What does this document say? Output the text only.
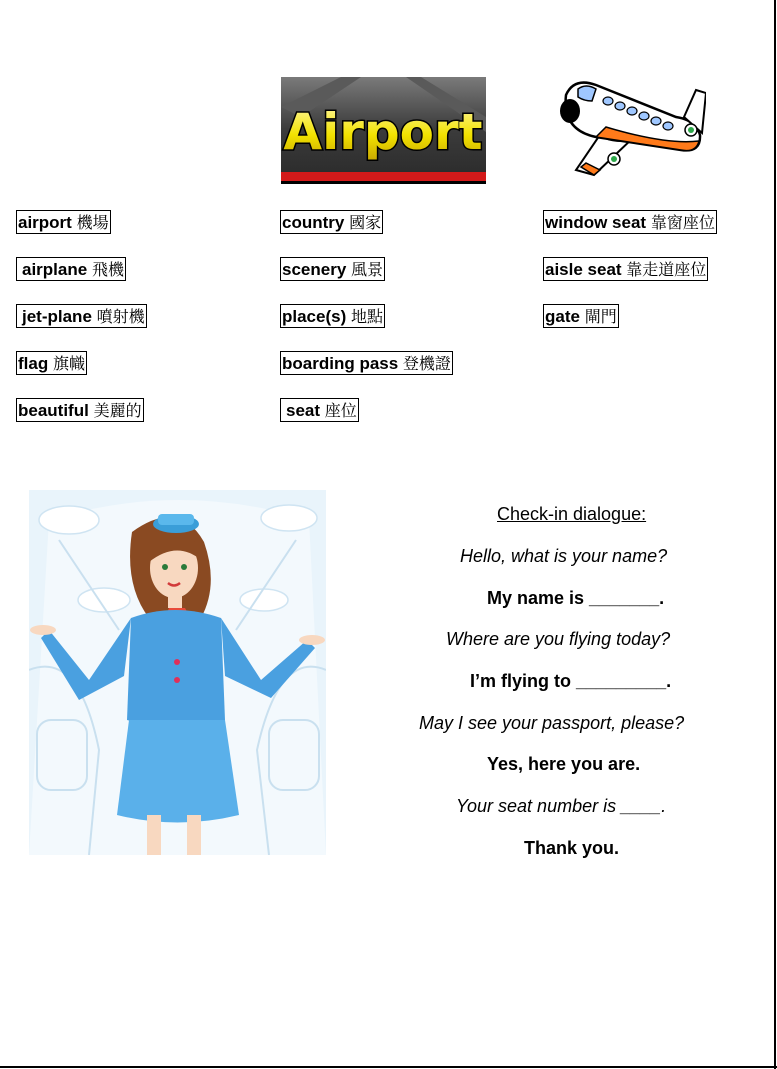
Airport
airport 機場
airplane 飛機
jet-plane 噴射機
flag 旗幟
beautiful 美麗的
country 國家
scenery 風景
place(s) 地點
boarding pass 登機證
seat 座位
window seat 靠窗座位
aisle seat 靠走道座位
gate 閘門
Check-in dialogue:
Hello, what is your name?
My name is _______.
Where are you flying today?
I’m flying to _________.
May I see your passport, please?
Yes, here you are.
Your seat number is ____.
Thank you.
